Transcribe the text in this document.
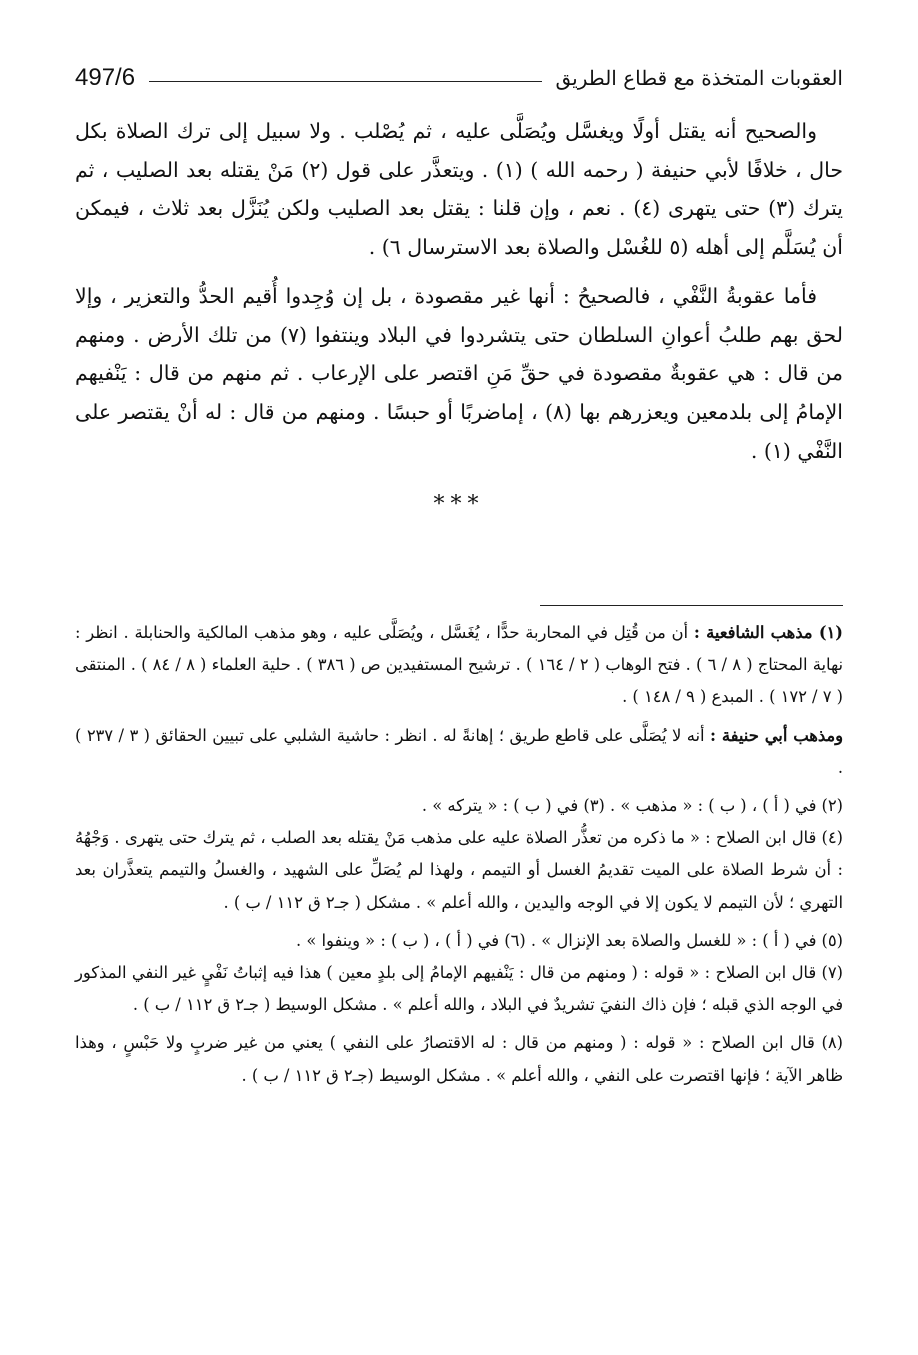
العقوبات المتخذة مع قطاع الطريق
497/6

والصحيح أنه يقتل أولًا ويغسَّل ويُصَلَّى عليه ، ثم يُصْلب . ولا سبيل إلى ترك الصلاة بكل حال ، خلافًا لأبي حنيفة ( رحمه الله ) (١) . ويتعذَّر على قول (٢) مَنْ يقتله بعد الصليب ، ثم يترك (٣) حتى يتهرى (٤) . نعم ، وإن قلنا : يقتل بعد الصليب ولكن يُنَزَّل بعد ثلاث ، فيمكن أن يُسَلَّم إلى أهله (٥ للغُسْل والصلاة بعد الاسترسال ٦) .

فأما عقوبةُ النَّفْي ، فالصحيحُ : أنها غير مقصودة ، بل إن وُجِدوا أُقيم الحدُّ والتعزير ، وإلا لحق بهم طلبُ أعوانِ السلطان حتى يتشردوا في البلاد وينتفوا (٧) من تلك الأرض . ومنهم من قال : هي عقوبةٌ مقصودة في حقِّ مَنِ اقتصر على الإرعاب . ثم منهم من قال : يَنْفيهم الإمامُ إلى بلدمعين ويعزرهم بها (٨) ، إماضربًا أو حبسًا . ومنهم من قال : له أنْ يقتصر على النَّفْي (١) .

***

(١) مذهب الشافعية : أن من قُتِل في المحاربة حدًّا ، يُغَسَّل ، ويُصَلَّى عليه ، وهو مذهب المالكية والحنابلة . انظر : نهاية المحتاج ( ٨ / ٦ ) . فتح الوهاب ( ٢ / ١٦٤ ) . ترشيح المستفيدين ص ( ٣٨٦ ) . حلية العلماء ( ٨ / ٨٤ ) . المنتقى ( ٧ / ١٧٢ ) . المبدع ( ٩ / ١٤٨ ) .

ومذهب أبي حنيفة : أنه لا يُصَلَّى على قاطع طريق ؛ إهانةً له . انظر : حاشية الشلبي على تبيين الحقائق ( ٣ / ٢٣٧ ) .

(٢) في ( أ ) ، ( ب ) : « مذهب » . (٣) في ( ب ) : « يتركه » .

(٤) قال ابن الصلاح : « ما ذكره من تعذُّر الصلاة عليه على مذهب مَنْ يقتله بعد الصلب ، ثم يترك حتى يتهرى . وَجْهُهُ : أن شرط الصلاة على الميت تقديمُ الغسل أو التيمم ، ولهذا لم يُصَلِّ على الشهيد ، والغسلُ والتيمم يتعذَّران بعد التهري ؛ لأن التيمم لا يكون إلا في الوجه واليدين ، والله أعلم » . مشكل ( جـ٢ ق ١١٢ / ب ) .

(٥) في ( أ ) : « للغسل والصلاة بعد الإنزال » . (٦) في ( أ ) ، ( ب ) : « وينفوا » .

(٧) قال ابن الصلاح : « قوله : ( ومنهم من قال : يَنْفيهم الإمامُ إلى بلدٍ معين ) هذا فيه إثباتُ نَفْيٍ غير النفي المذكور في الوجه الذي قبله ؛ فإن ذاك النفيَ تشريدٌ في البلاد ، والله أعلم » . مشكل الوسيط ( جـ٢ ق ١١٢ / ب ) .

(٨) قال ابن الصلاح : « قوله : ( ومنهم من قال : له الاقتصارُ على النفي ) يعني من غير ضربٍ ولا حَبْسٍ ، وهذا ظاهر الآية ؛ فإنها اقتصرت على النفي ، والله أعلم » . مشكل الوسيط (جـ٢ ق ١١٢ / ب ) .
